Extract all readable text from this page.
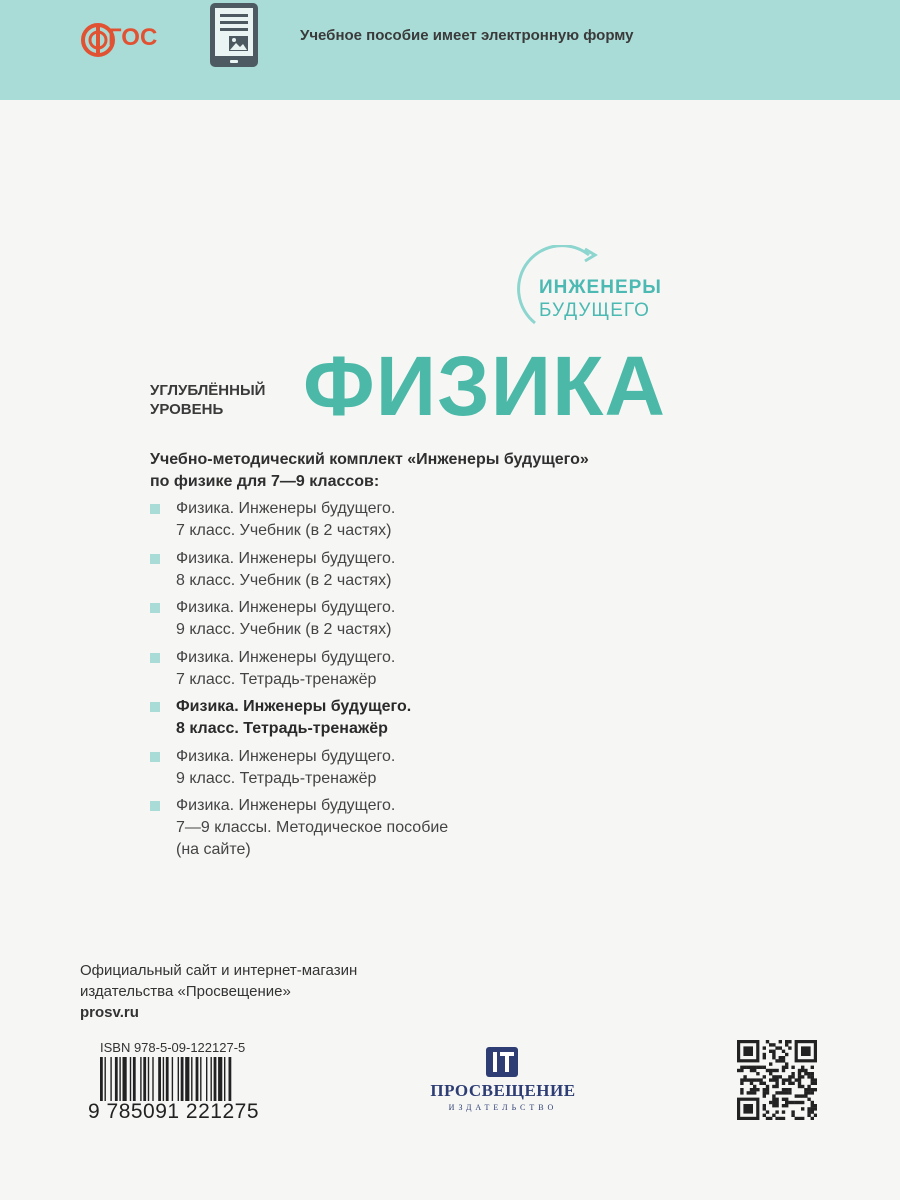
ГОС	Учебное пособие имеет электронную форму
ИНЖЕНЕРЫ
БУДУЩЕГО
УГЛУБЛЁННЫЙ
УРОВЕНЬ ФИЗИКА
Учебно-методический комплект «Инженеры будущего»
по физике для 7—9 классов:
Физика. Инженеры будущего.
7 класс. Учебник (в 2 частях)
Физика. Инженеры будущего.
8 класс. Учебник (в 2 частях)
Физика. Инженеры будущего.
9 класс. Учебник (в 2 частях)
Физика. Инженеры будущего.
7 класс. Тетрадь-тренажёр
Физика. Инженеры будущего.
8 класс. Тетрадь-тренажёр
Физика. Инженеры будущего.
9 класс. Тетрадь-тренажёр
Физика. Инженеры будущего.
7—9 классы. Методическое пособие
(на сайте)
Официальный сайт и интернет-магазин
издательства «Просвещение»
prosv.ru
ISBN 978-5-09-122127-5
9 785091 221275
ПРОСВЕЩЕНИЕ
ИЗДАТЕЛЬСТВО
